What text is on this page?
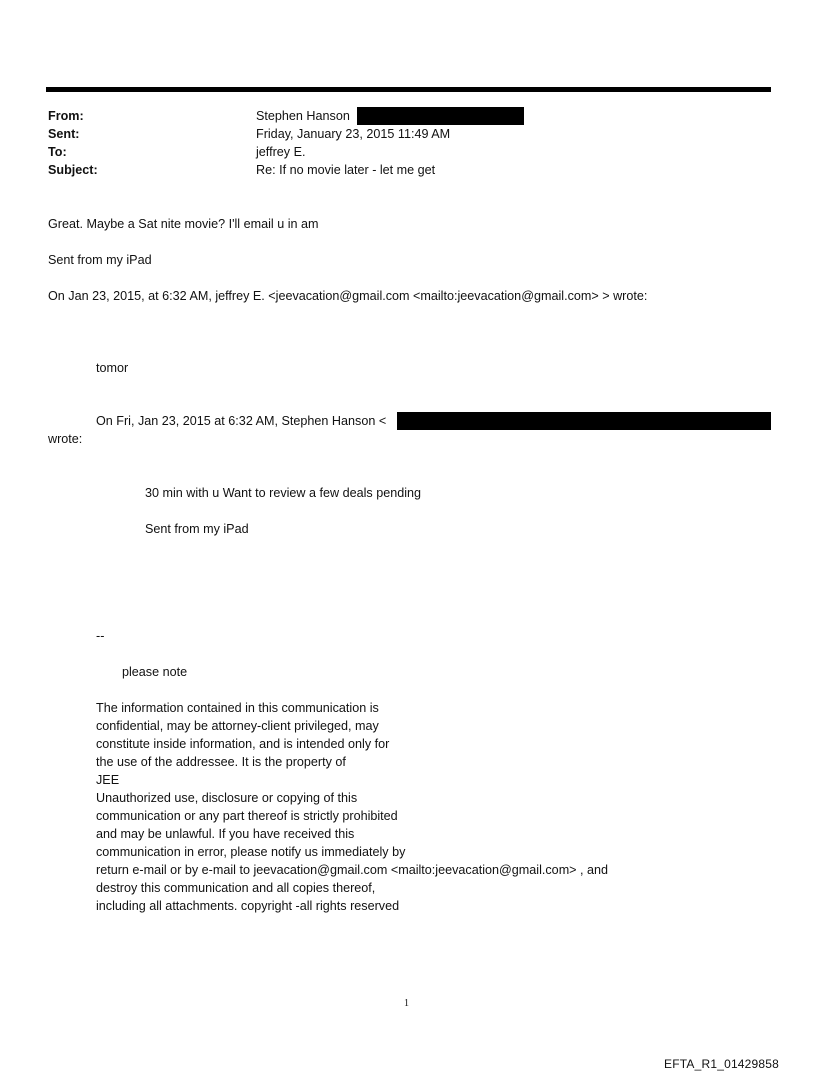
From:	Stephen Hanson
Sent:	Friday, January 23, 2015 11:49 AM
To:	jeffrey E.
Subject:	Re: If no movie later - let me get
Great. Maybe a Sat nite movie? I'll email u in am
Sent from my iPad
On Jan 23, 2015, at 6:32 AM, jeffrey E. <jeevacation@gmail.com <mailto:jeevacation@gmail.com> > wrote:
tomor
On Fri, Jan 23, 2015 at 6:32 AM, Stephen Hanson <
wrote:
30 min with u Want to review a few deals pending
Sent from my iPad
--
please note
The information contained in this communication is
confidential, may be attorney-client privileged, may
constitute inside information, and is intended only for
the use of the addressee. It is the property of
JEE
Unauthorized use, disclosure or copying of this
communication or any part thereof is strictly prohibited
and may be unlawful. If you have received this
communication in error, please notify us immediately by
return e-mail or by e-mail to jeevacation@gmail.com <mailto:jeevacation@gmail.com> , and
destroy this communication and all copies thereof,
including all attachments. copyright -all rights reserved
1
EFTA_R1_01429858
